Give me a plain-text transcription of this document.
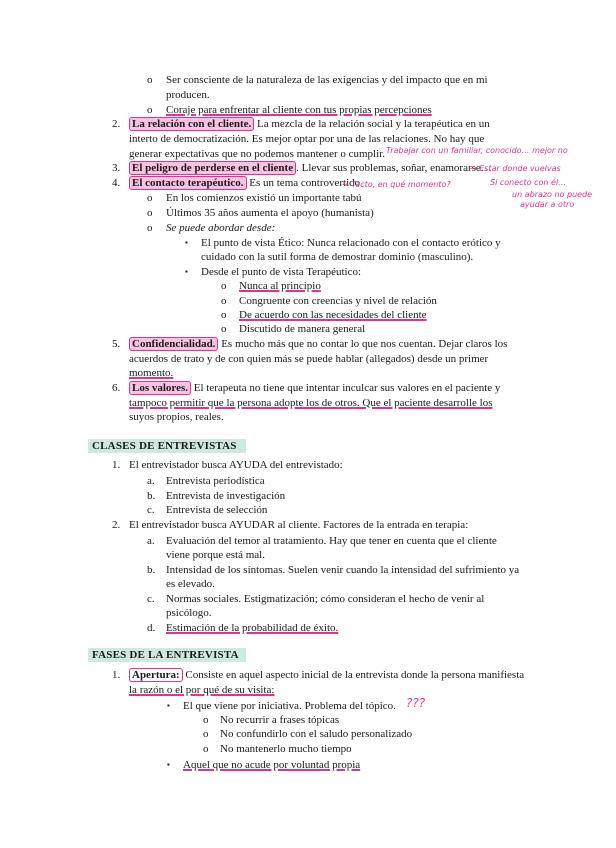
o Ser consciente de la naturaleza de las exigencias y del impacto que en mi
producen.
o Coraje para enfrentar al cliente con tus propias percepciones
2. La relación con el cliente. La mezcla de la relación social y la terapéutica en un
interto de democratización. Es mejor optar por una de las relaciones. No hay que
generar expectativas que no podemos mantener o cumplir.
3. El peligro de perderse en el cliente . Llevar sus problemas, soñar, enamorarse…
4. El contacto terapéutico. Es un tema controvertido
o En los comienzos existió un importante tabú
o Últimos 35 años aumenta el apoyo (humanista)
o Se puede abordar desde:
▪ El punto de vista Ético: Nunca relacionado con el contacto erótico y
cuidado con la sutil forma de demostrar dominio (masculino).
▪ Desde el punto de vista Terapéutico:
o Nunca al principio
o Congruente con creencias y nivel de relación
o De acuerdo con las necesidades del cliente
o Discutido de manera general
5. Confidencialidad. Es mucho más que no contar lo que nos cuentan. Dejar claros los
acuerdos de trato y de con quien más se puede hablar (allegados) desde un primer
momento.
6. Los valores. El terapeuta no tiene que intentar inculcar sus valores en el paciente y
tampoco permitir que la persona adopte los de otros. Que el paciente desarrolle los
suyos propios, reales.
CLASES DE ENTREVISTAS
1. El entrevistador busca AYUDA del entrevistado:
a. Entrevista periodística
b. Entrevista de investigación
c. Entrevista de selección
2. El entrevistador busca AYUDAR al cliente. Factores de la entrada en terapia:
a. Evaluación del temor al tratamiento. Hay que tener en cuenta que el cliente
viene porque está mal.
b. Intensidad de los síntomas. Suelen venir cuando la intensidad del sufrimiento ya
es elevado.
c. Normas sociales. Estigmatización; cómo consideran el hecho de venir al
psicólogo.
d. Estimación de la probabilidad de éxito.
FASES DE LA ENTREVISTA
1. Apertura: Consiste en aquel aspecto inicial de la entrevista donde la persona manifiesta
la razón o el por qué de su visita:
▪ El que viene por iniciativa. Problema del tópico.
o No recurrir a frases tópicas
o No confundirlo con el saludo personalizado
o No mantenerlo mucho tiempo
▪ Aquel que no acude por voluntad propia
Trabajar con un familiar, conocido… mejor no
→ Tacto, en qué momento?
→ Estar donde vuelvas
Si conecto con él…
un abrazo no puede
ayudar a otro
???
